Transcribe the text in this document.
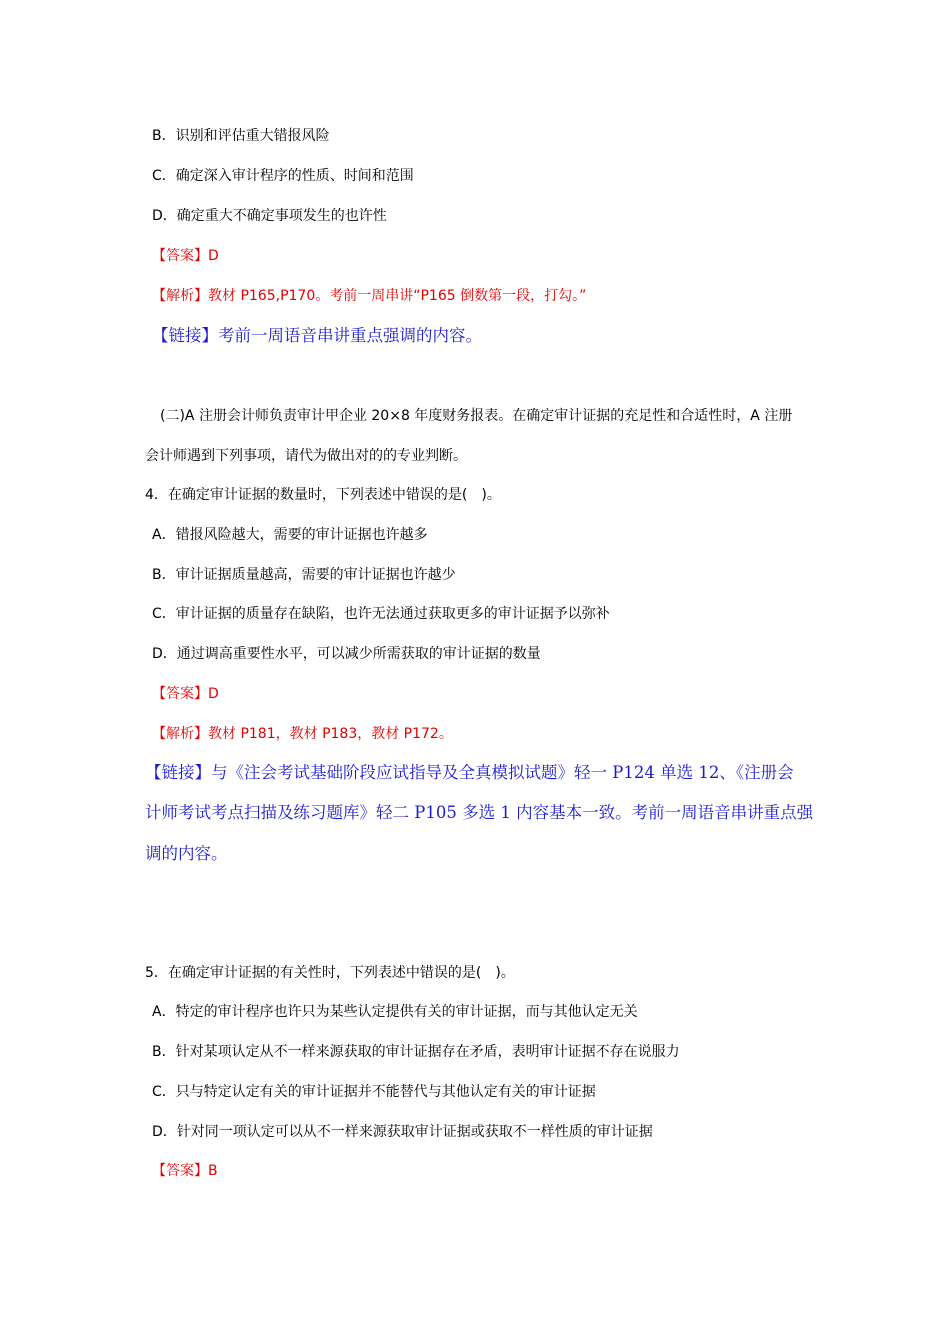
B．识别和评估重大错报风险
C．确定深入审计程序的性质、时间和范围
D．确定重大不确定事项发生的也许性
【答案】D
【解析】教材 P165,P170。考前一周串讲“P165 倒数第一段，打勾。”
【链接】考前一周语音串讲重点强调的内容。
(二)A 注册会计师负责审计甲企业 20×8 年度财务报表。在确定审计证据的充足性和合适性时，A 注册
会计师遇到下列事项，请代为做出对的的专业判断。
4．在确定审计证据的数量时，下列表述中错误的是(　)。
A．错报风险越大，需要的审计证据也许越多
B．审计证据质量越高，需要的审计证据也许越少
C．审计证据的质量存在缺陷，也许无法通过获取更多的审计证据予以弥补
D．通过调高重要性水平，可以减少所需获取的审计证据的数量
【答案】D
【解析】教材 P181，教材 P183，教材 P172。
【链接】与《注会考试基础阶段应试指导及全真模拟试题》轻一 P124 单选 12、《注册会
计师考试考点扫描及练习题库》轻二 P105 多选 1 内容基本一致。考前一周语音串讲重点强
调的内容。
5．在确定审计证据的有关性时，下列表述中错误的是(　)。
A．特定的审计程序也许只为某些认定提供有关的审计证据，而与其他认定无关
B．针对某项认定从不一样来源获取的审计证据存在矛盾，表明审计证据不存在说服力
C．只与特定认定有关的审计证据并不能替代与其他认定有关的审计证据
D．针对同一项认定可以从不一样来源获取审计证据或获取不一样性质的审计证据
【答案】B
